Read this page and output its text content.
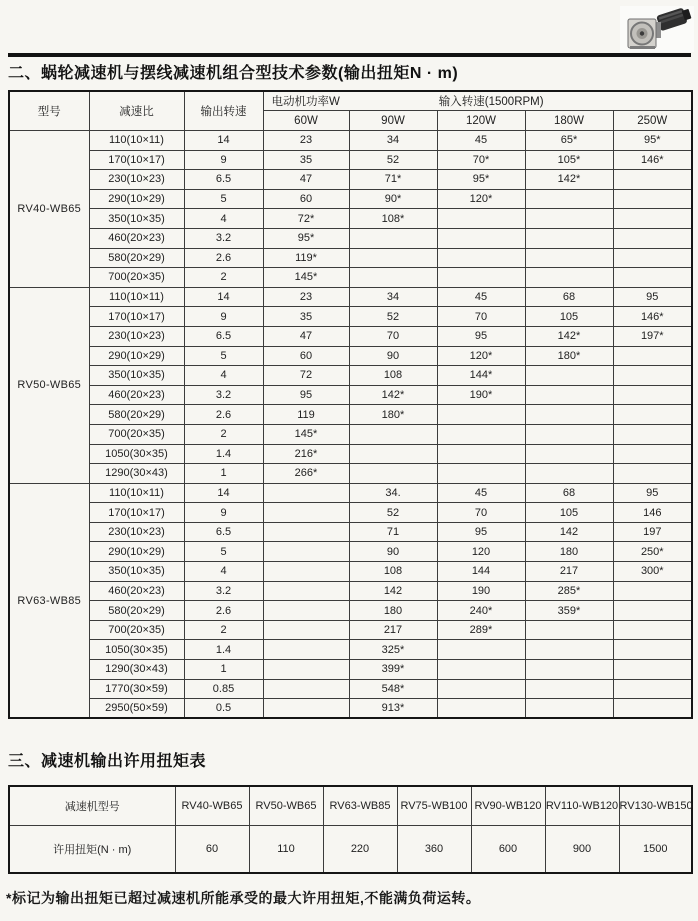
二、蜗轮减速机与摆线减速机组合型技术参数(输出扭矩N · m)
型号	减速比	输出转速	电动机功率W 输入转速(1500RPM)				

			60W	90W	120W	180W	250W
RV40-WB65	110(10×11)	14	23	34	45	65*	95*
	170(10×17)	9	35	52	70*	105*	146*
	230(10×23)	6.5	47	71*	95*	142*	
	290(10×29)	5	60	90*	120*		
	350(10×35)	4	72*	108*			
	460(20×23)	3.2	95*				
	580(20×29)	2.6	119*				
	700(20×35)	2	145*				
RV50-WB65	110(10×11)	14	23	34	45	68	95
	170(10×17)	9	35	52	70	105	146*
	230(10×23)	6.5	47	70	95	142*	197*
	290(10×29)	5	60	90	120*	180*	
	350(10×35)	4	72	108	144*		
	460(20×23)	3.2	95	142*	190*		
	580(20×29)	2.6	119	180*			
	700(20×35)	2	145*				
	1050(30×35)	1.4	216*				
	1290(30×43)	1	266*				
RV63-WB85	110(10×11)	14		34.	45	68	95
	170(10×17)	9		52	70	105	146
	230(10×23)	6.5		71	95	142	197
	290(10×29)	5		90	120	180	250*
	350(10×35)	4		108	144	217	300*
	460(20×23)	3.2		142	190	285*	
	580(20×29)	2.6		180	240*	359*	
	700(20×35)	2		217	289*		
	1050(30×35)	1.4		325*			
	1290(30×43)	1		399*			
	1770(30×59)	0.85		548*			
	2950(50×59)	0.5		913*			
三、减速机输出许用扭矩表
减速机型号	RV40-WB65	RV50-WB65	RV63-WB85	RV75-WB100	RV90-WB120	RV110-WB120	RV130-WB150
许用扭矩(N · m)	60	110	220	360	600	900	1500

*标记为输出扭矩已超过减速机所能承受的最大许用扭矩,不能满负荷运转。
